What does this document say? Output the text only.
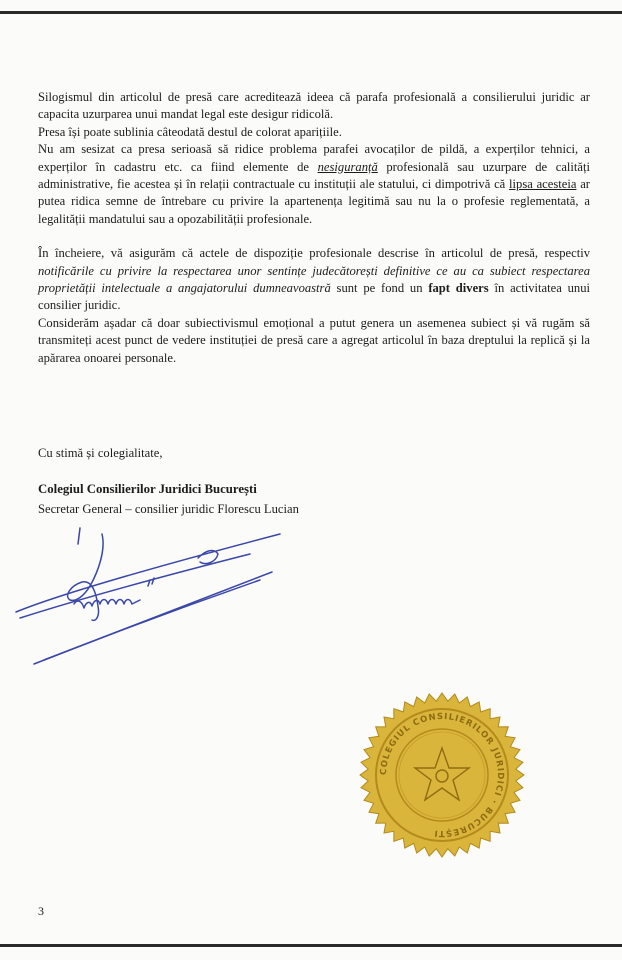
Silogismul din articolul de presă care acreditează ideea că parafa profesională a consilierului juridic ar capacita uzurparea unui mandat legal este desigur ridicolă.

Presa își poate sublinia câteodată destul de colorat aparițiile.

Nu am sesizat ca presa serioasă să ridice problema parafei avocaților de pildă, a experților tehnici, a experților în cadastru etc. ca fiind elemente de nesiguranță profesională sau uzurpare de calități administrative, fie acestea și în relații contractuale cu instituții ale statului, ci dimpotrivă că lipsa acesteia ar putea ridica semne de întrebare cu privire la apartenența legitimă sau nu la o profesie reglementată, a legalității mandatului sau a opozabilității profesionale.

În încheiere, vă asigurăm că actele de dispoziție profesionale descrise în articolul de presă, respectiv notificările cu privire la respectarea unor sentințe judecătorești definitive ce au ca subiect respectarea proprietății intelectuale a angajatorului dumneavoastră sunt pe fond un fapt divers în activitatea unui consilier juridic.

Considerăm așadar că doar subiectivismul emoțional a putut genera un asemenea subiect și vă rugăm să transmiteți acest punct de vedere instituției de presă care a agregat articolul în baza dreptului la replică și la apărarea onoarei personale.

Cu stimă și colegialitate,
Colegiul Consilierilor Juridici București
Secretar General – consilier juridic Florescu Lucian
COLEGIUL CONSILIERILOR JURIDICI · BUCUREȘTI
3
